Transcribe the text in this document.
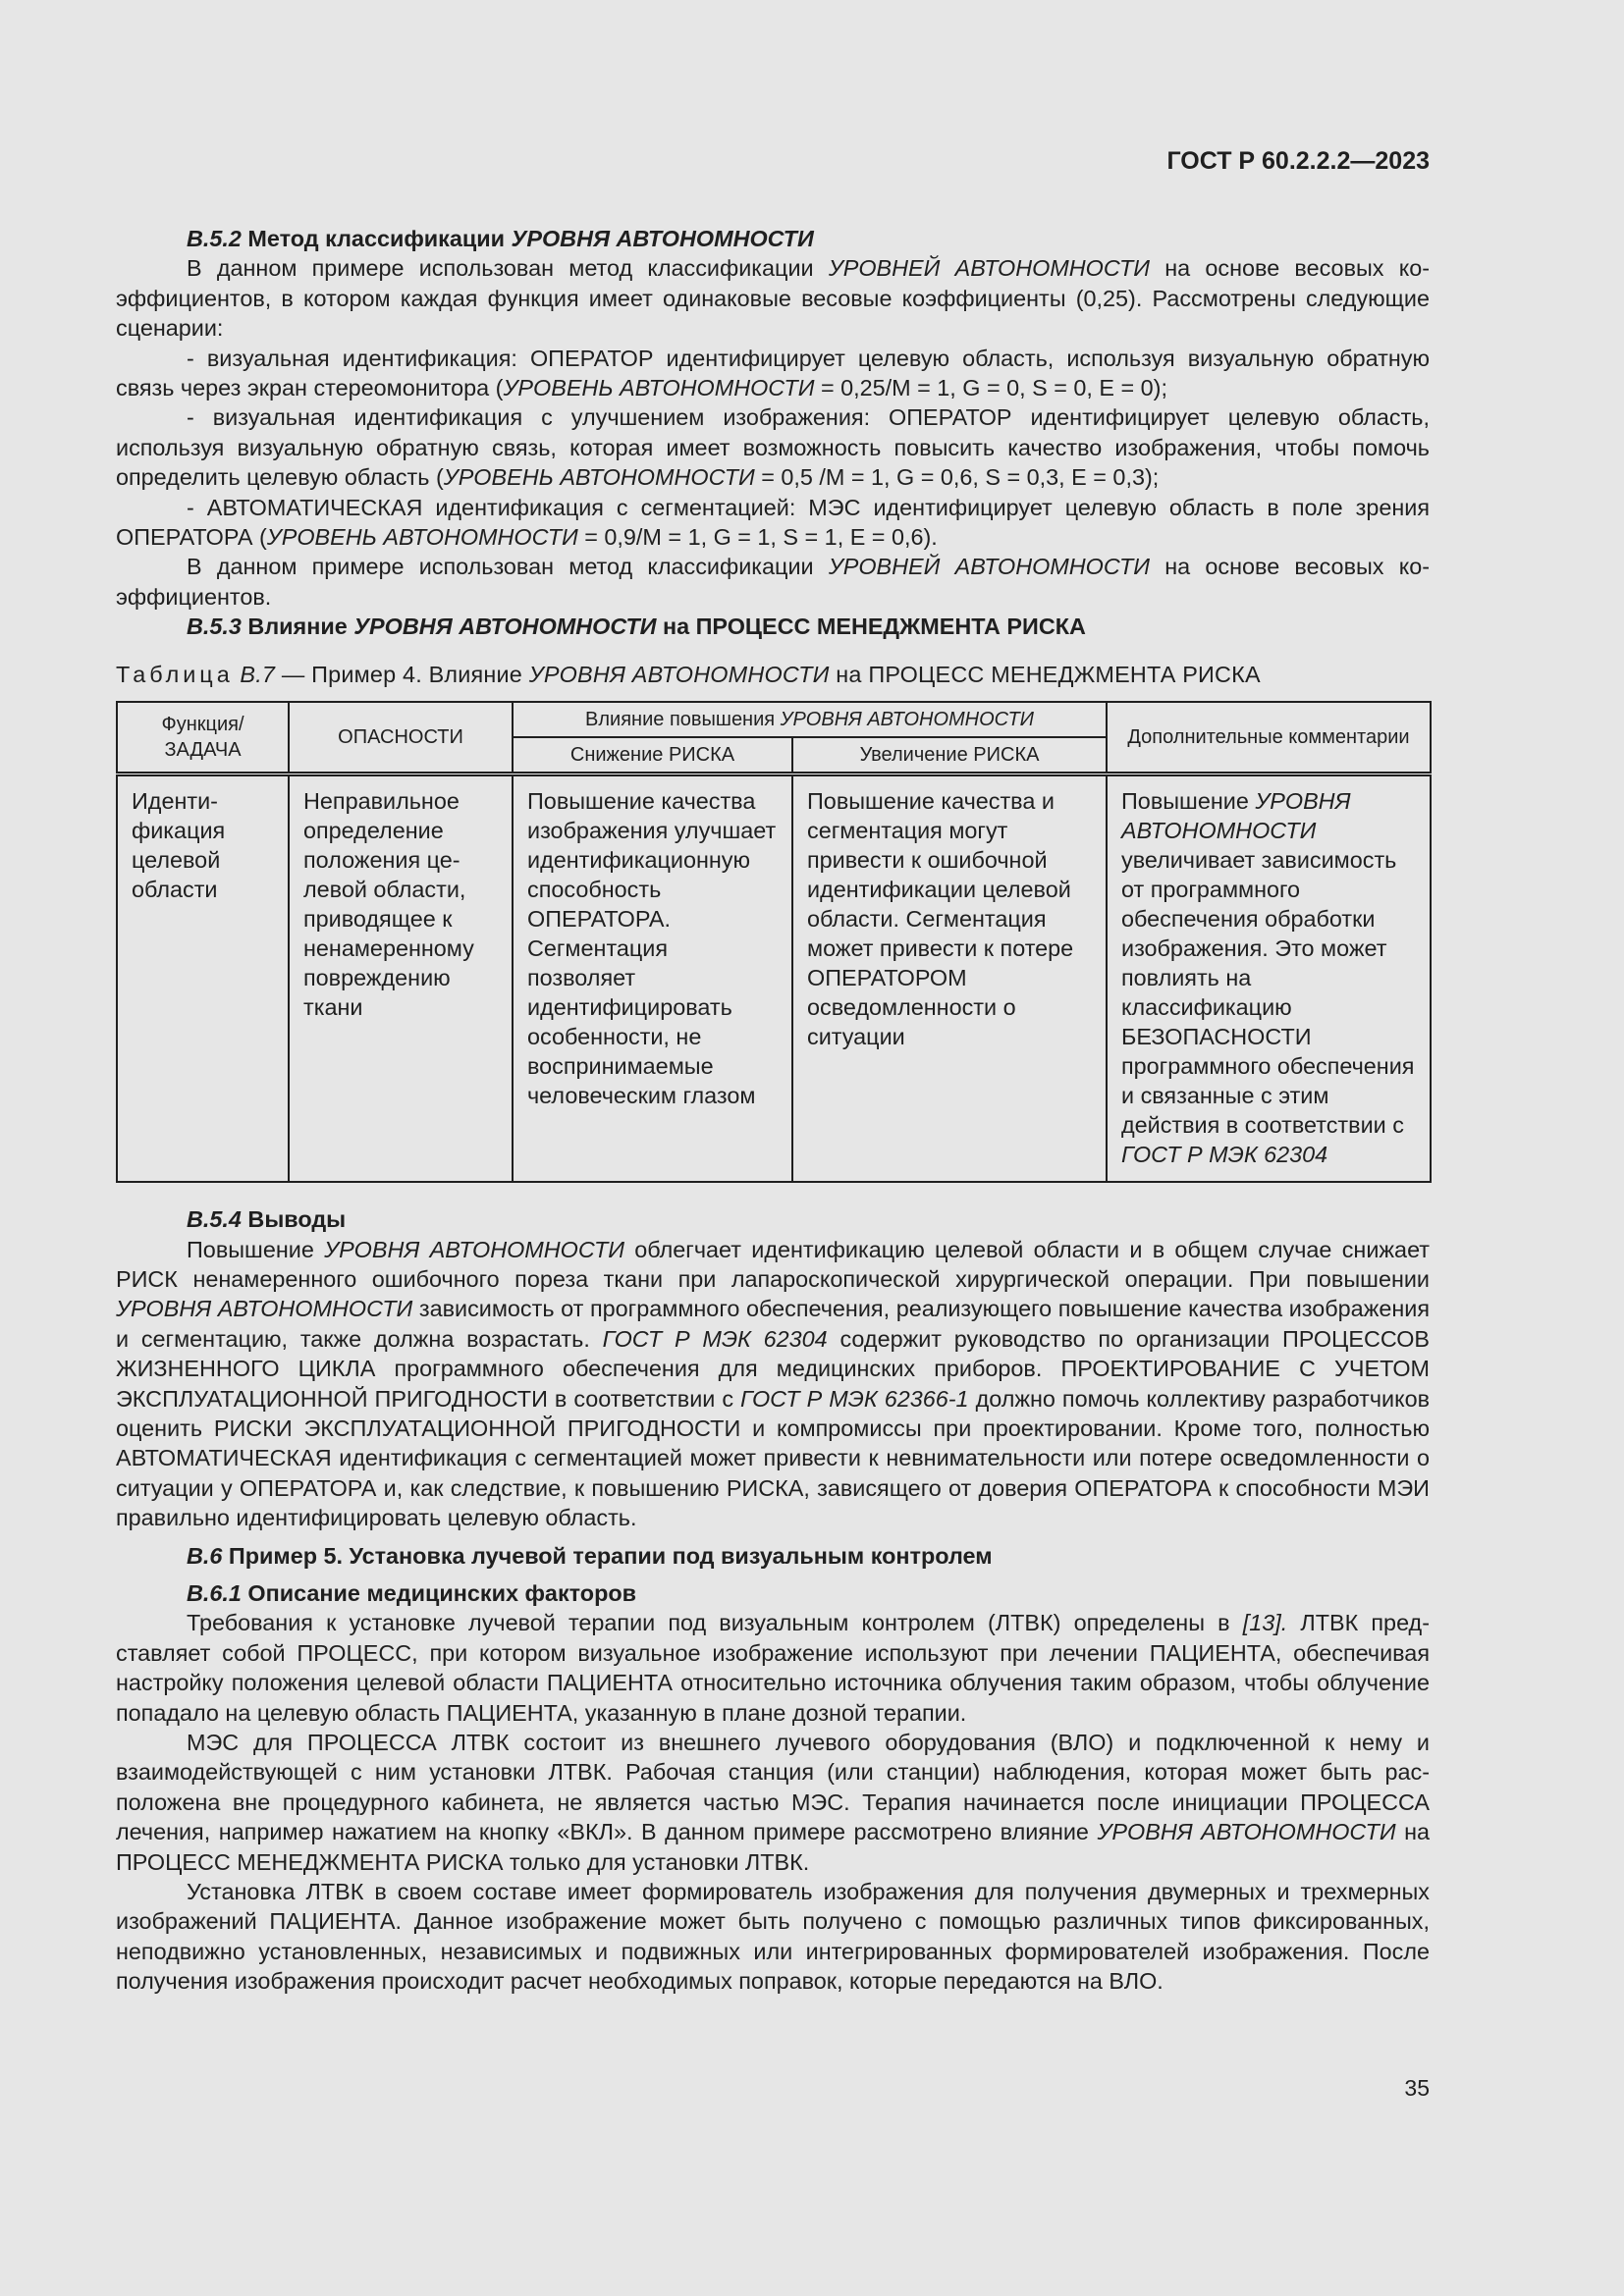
ГОСТ Р 60.2.2.2—2023

B.5.2 Метод классификации УРОВНЯ АВТОНОМНОСТИ

В данном примере использован метод классификации УРОВНЕЙ АВТОНОМНОСТИ на основе весовых коэффициентов, в котором каждая функция имеет одинаковые весовые коэффициенты (0,25). Рассмотрены следующие сценарии:

- визуальная идентификация: ОПЕРАТОР идентифицирует целевую область, используя визуальную обратную связь через экран стереомонитора (УРОВЕНЬ АВТОНОМНОСТИ = 0,25/M = 1, G = 0, S = 0, E = 0);

- визуальная идентификация с улучшением изображения: ОПЕРАТОР идентифицирует целевую область, используя визуальную обратную связь, которая имеет возможность повысить качество изображения, чтобы помочь определить целевую область (УРОВЕНЬ АВТОНОМНОСТИ = 0,5 /M = 1, G = 0,6, S = 0,3, E = 0,3);

- АВТОМАТИЧЕСКАЯ идентификация с сегментацией: МЭС идентифицирует целевую область в поле зрения ОПЕРАТОРА (УРОВЕНЬ АВТОНОМНОСТИ = 0,9/M = 1, G = 1, S = 1, E = 0,6).

В данном примере использован метод классификации УРОВНЕЙ АВТОНОМНОСТИ на основе весовых коэффициентов.

B.5.3 Влияние УРОВНЯ АВТОНОМНОСТИ на ПРОЦЕСС МЕНЕДЖМЕНТА РИСКА

Таблица B.7 — Пример 4. Влияние УРОВНЯ АВТОНОМНОСТИ на ПРОЦЕСС МЕНЕДЖМЕНТА РИСКА
Функция/ ЗАДАЧА	ОПАСНОСТИ	Влияние повышения УРОВНЯ АВТОНОМНОСТИ		Дополнительные комментарии
		Снижение РИСКА	Увеличение РИСКА	
Идентификация целевой области	Неправильное определение положения целевой области, приводящее к ненамеренному повреждению ткани	Повышение качества изображения улучшает идентификационную способность ОПЕРАТОРА. Сегментация позволяет идентифицировать особенности, не воспринимаемые человеческим глазом	Повышение качества и сегментация могут привести к ошибочной идентификации целевой области. Сегментация может привести к потере ОПЕРАТОРОМ осведомленности о ситуации	Повышение УРОВНЯ АВТОНОМНОСТИ увеличивает зависимость от программного обеспечения обработки изображения. Это может повлиять на классификацию БЕЗОПАСНОСТИ программного обеспечения и связанные с этим действия в соответствии с ГОСТ Р МЭК 62304

B.5.4 Выводы

Повышение УРОВНЯ АВТОНОМНОСТИ облегчает идентификацию целевой области и в общем случае снижает РИСК ненамеренного ошибочного пореза ткани при лапароскопической хирургической операции. При повышении УРОВНЯ АВТОНОМНОСТИ зависимость от программного обеспечения, реализующего повышение качества изображения и сегментацию, также должна возрастать. ГОСТ Р МЭК 62304 содержит руководство по организации ПРОЦЕССОВ ЖИЗНЕННОГО ЦИКЛА программного обеспечения для медицинских приборов. ПРОЕКТИРОВАНИЕ С УЧЕТОМ ЭКСПЛУАТАЦИОННОЙ ПРИГОДНОСТИ в соответствии с ГОСТ Р МЭК 62366-1 должно помочь коллективу разработчиков оценить РИСКИ ЭКСПЛУАТАЦИОННОЙ ПРИГОДНОСТИ и компромиссы при проектировании. Кроме того, полностью АВТОМАТИЧЕСКАЯ идентификация с сегментацией может привести к невнимательности или потере осведомленности о ситуации у ОПЕРАТОРА и, как следствие, к повышению РИСКА, зависящего от доверия ОПЕРАТОРА к способности МЭИ правильно идентифицировать целевую область.

B.6 Пример 5. Установка лучевой терапии под визуальным контролем

B.6.1 Описание медицинских факторов

Требования к установке лучевой терапии под визуальным контролем (ЛТВК) определены в [13]. ЛТВК представляет собой ПРОЦЕСС, при котором визуальное изображение используют при лечении ПАЦИЕНТА, обеспечивая настройку положения целевой области ПАЦИЕНТА относительно источника облучения таким образом, чтобы облучение попадало на целевую область ПАЦИЕНТА, указанную в плане дозной терапии.

МЭС для ПРОЦЕССА ЛТВК состоит из внешнего лучевого оборудования (ВЛО) и подключенной к нему и взаимодействующей с ним установки ЛТВК. Рабочая станция (или станции) наблюдения, которая может быть расположена вне процедурного кабинета, не является частью МЭС. Терапия начинается после инициации ПРОЦЕССА лечения, например нажатием на кнопку «ВКЛ». В данном примере рассмотрено влияние УРОВНЯ АВТОНОМНОСТИ на ПРОЦЕСС МЕНЕДЖМЕНТА РИСКА только для установки ЛТВК.

Установка ЛТВК в своем составе имеет формирователь изображения для получения двумерных и трехмерных изображений ПАЦИЕНТА. Данное изображение может быть получено с помощью различных типов фиксированных, неподвижно установленных, независимых и подвижных или интегрированных формирователей изображения. После получения изображения происходит расчет необходимых поправок, которые передаются на ВЛО.

35
